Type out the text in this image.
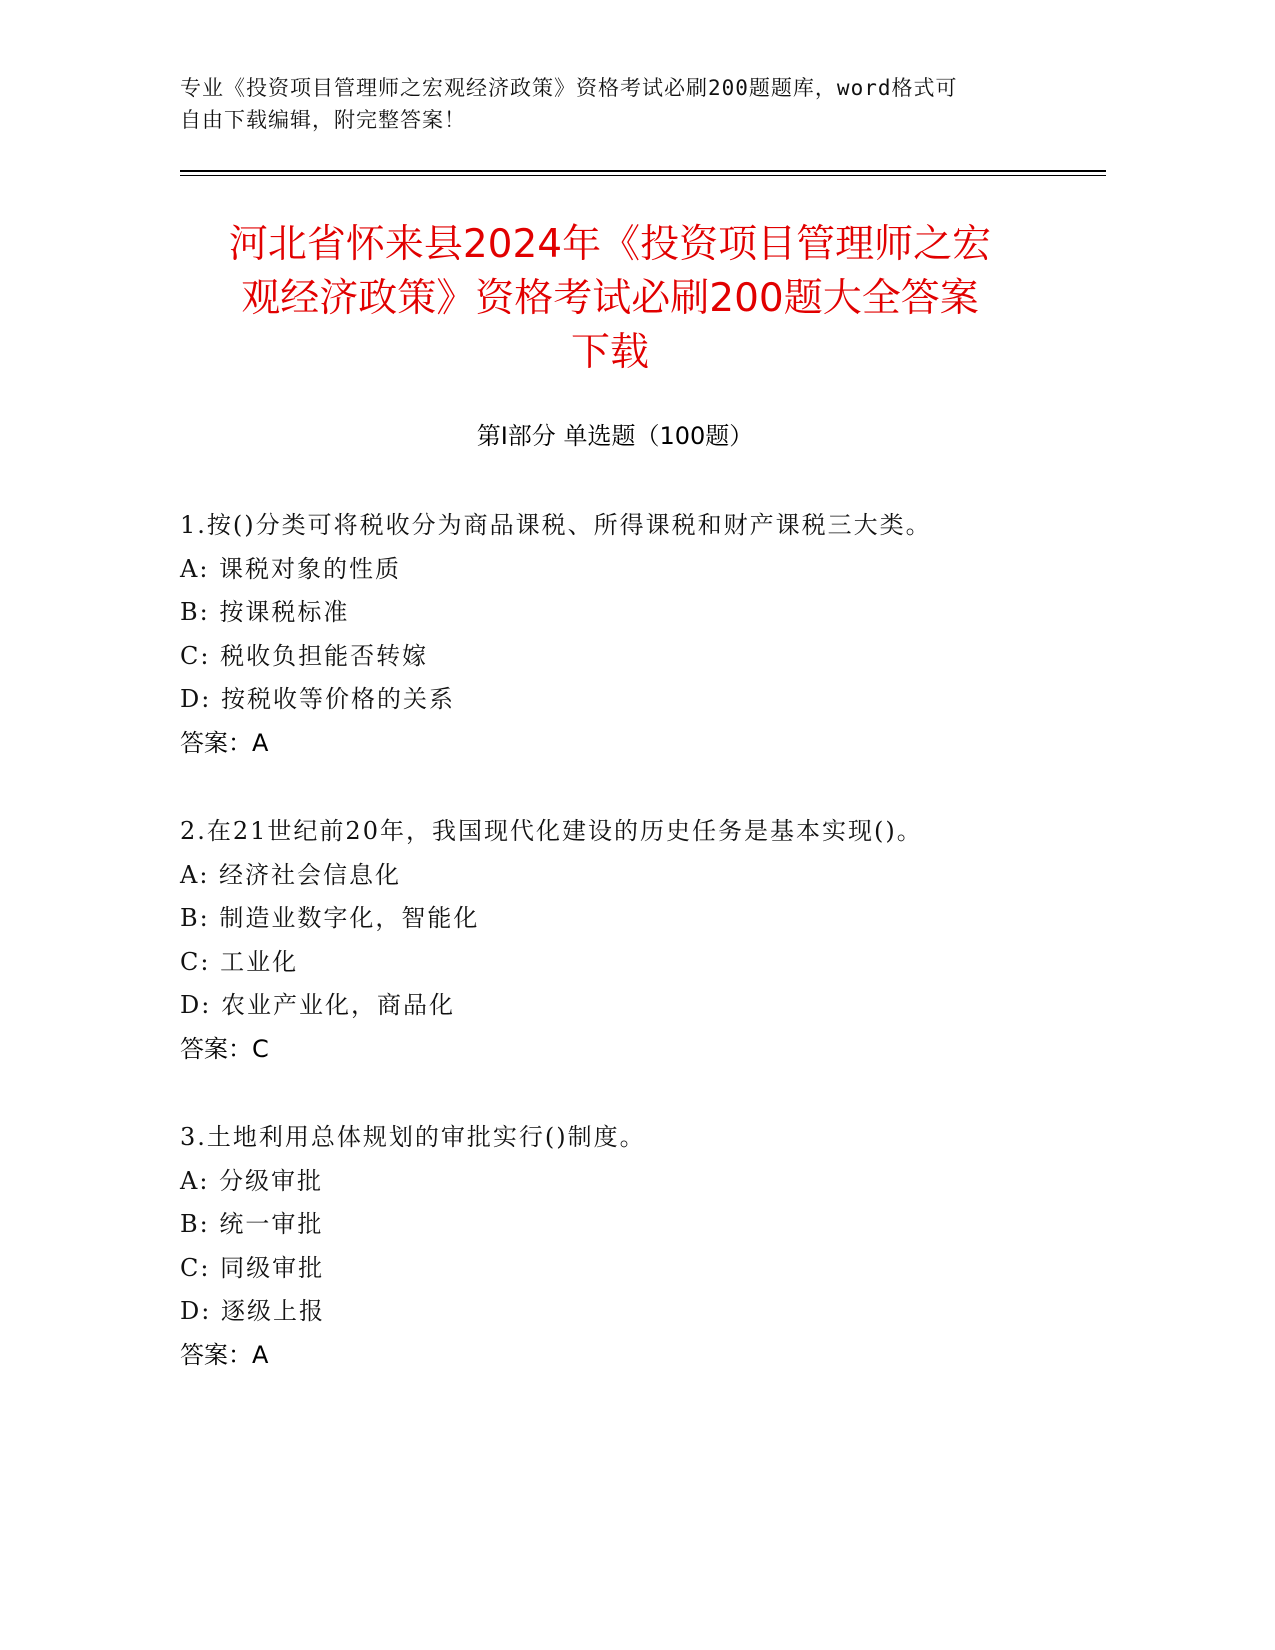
专业《投资项目管理师之宏观经济政策》资格考试必刷200题题库，word格式可
自由下载编辑，附完整答案！
河北省怀来县2024年《投资项目管理师之宏
观经济政策》资格考试必刷200题大全答案
下载
第Ⅰ部分 单选题（100题）
1.按()分类可将税收分为商品课税、所得课税和财产课税三大类。
A: 课税对象的性质
B: 按课税标准
C: 税收负担能否转嫁
D: 按税收等价格的关系
答案：A
2.在21世纪前20年，我国现代化建设的历史任务是基本实现()。
A: 经济社会信息化
B: 制造业数字化，智能化
C: 工业化
D: 农业产业化，商品化
答案：C
3.土地利用总体规划的审批实行()制度。
A: 分级审批
B: 统一审批
C: 同级审批
D: 逐级上报
答案：A
